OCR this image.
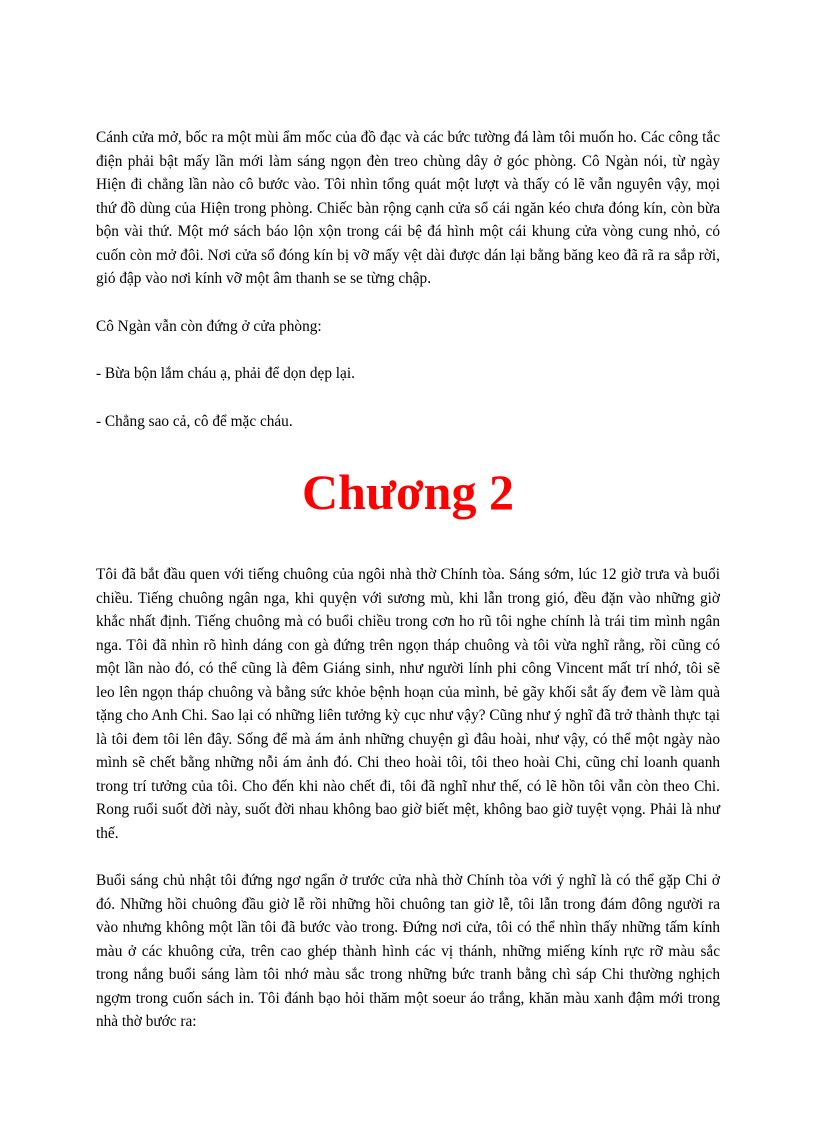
Cánh cửa mở, bốc ra một mùi ẩm mốc của đồ đạc và các bức tường đá làm tôi muốn ho. Các công tắc điện phải bật mấy lần mới làm sáng ngọn đèn treo chùng dây ở góc phòng. Cô Ngàn nói, từ ngày Hiện đi chẳng lần nào cô bước vào. Tôi nhìn tổng quát một lượt và thấy có lẽ vẫn nguyên vậy, mọi thứ đồ dùng của Hiện trong phòng. Chiếc bàn rộng cạnh cửa sổ cái ngăn kéo chưa đóng kín, còn bừa bộn vài thứ. Một mớ sách báo lộn xộn trong cái bệ đá hình một cái khung cửa vòng cung nhỏ, có cuốn còn mở đôi. Nơi cửa sổ đóng kín bị vỡ mấy vệt dài được dán lại bằng băng keo đã rã ra sắp rời, gió đập vào nơi kính vỡ một âm thanh se se từng chập.

Cô Ngàn vẫn còn đứng ở cửa phòng:

- Bừa bộn lắm cháu ạ, phải để dọn dẹp lại.

- Chẳng sao cả, cô để mặc cháu.

Chương 2

Tôi đã bắt đầu quen với tiếng chuông của ngôi nhà thờ Chính tòa. Sáng sớm, lúc 12 giờ trưa và buổi chiều. Tiếng chuông ngân nga, khi quyện với sương mù, khi lẫn trong gió, đều đặn vào những giờ khắc nhất định. Tiếng chuông mà có buổi chiều trong cơn ho rũ tôi nghe chính là trái tim mình ngân nga. Tôi đã nhìn rõ hình dáng con gà đứng trên ngọn tháp chuông và tôi vừa nghĩ rằng, rồi cũng có một lần nào đó, có thể cũng là đêm Giáng sinh, như người lính phi công Vincent mất trí nhớ, tôi sẽ leo lên ngọn tháp chuông và bằng sức khỏe bệnh hoạn của mình, bẻ gãy khối sắt ấy đem về làm quà tặng cho Anh Chi. Sao lại có những liên tưởng kỳ cục như vậy? Cũng như ý nghĩ đã trở thành thực tại là tôi đem tôi lên đây. Sống để mà ám ảnh những chuyện gì đâu hoài, như vậy, có thể một ngày nào mình sẽ chết bằng những nỗi ám ảnh đó. Chi theo hoài tôi, tôi theo hoài Chi, cũng chỉ loanh quanh trong trí tưởng của tôi. Cho đến khi nào chết đi, tôi đã nghĩ như thế, có lẽ hồn tôi vẫn còn theo Chi. Rong ruổi suốt đời này, suốt đời nhau không bao giờ biết mệt, không bao giờ tuyệt vọng. Phải là như thế.

Buổi sáng chủ nhật tôi đứng ngơ ngẩn ở trước cửa nhà thờ Chính tòa với ý nghĩ là có thể gặp Chi ở đó. Những hồi chuông đầu giờ lễ rồi những hồi chuông tan giờ lễ, tôi lẫn trong đám đông người ra vào nhưng không một lần tôi đã bước vào trong. Đứng nơi cửa, tôi có thể nhìn thấy những tấm kính màu ở các khuông cửa, trên cao ghép thành hình các vị thánh, những miếng kính rực rỡ màu sắc trong nắng buổi sáng làm tôi nhớ màu sắc trong những bức tranh bằng chì sáp Chi thường nghịch ngợm trong cuốn sách in. Tôi đánh bạo hỏi thăm một soeur áo trắng, khăn màu xanh đậm mới trong nhà thờ bước ra:
